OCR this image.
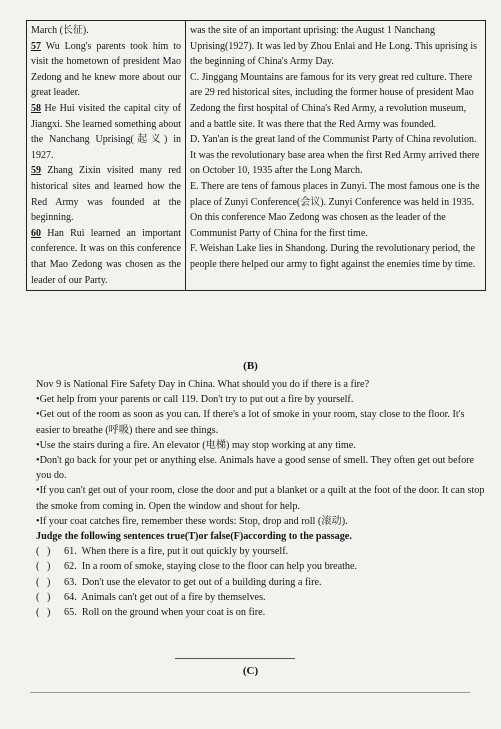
March (长征).

57 Wu Long's parents took him to visit the hometown of president Mao Zedong and he knew more about our great leader.

58 He Hui visited the capital city of Jiangxi. She learned something about the Nanchang Uprising(起义) in 1927.

59 Zhang Zixin visited many red historical sites and learned how the Red Army was founded at the beginning.

60 Han Rui learned an important conference. It was on this conference that Mao Zedong was chosen as the leader of our Party.

was the site of an important uprising: the August 1 Nanchang Uprising(1927). It was led by Zhou Enlai and He Long. This uprising is the beginning of China's Army Day.

C. Jinggang Mountains are famous for its very great red culture. There are 29 red historical sites, including the former house of president Mao Zedong the first hospital of China's Red Army, a revolution museum, and a battle site. It was there that the Red Army was founded.

D. Yan'an is the great land of the Communist Party of China revolution. It was the revolutionary base area when the first Red Army arrived there on October 10, 1935 after the Long March.

E. There are tens of famous places in Zunyi. The most famous one is the place of Zunyi Conference(会议). Zunyi Conference was held in 1935. On this conference Mao Zedong was chosen as the leader of the Communist Party of China for the first time.

F. Weishan Lake lies in Shandong. During the revolutionary period, the people there helped our army to fight against the enemies time by time.

(B)

Nov 9 is National Fire Safety Day in China. What should you do if there is a fire?

•Get help from your parents or call 119. Don't try to put out a fire by yourself.

•Get out of the room as soon as you can. If there's a lot of smoke in your room, stay close to the floor. It's easier to breathe (呼吸) there and see things.

•Use the stairs during a fire. An elevator (电梯) may stop working at any time.

•Don't go back for your pet or anything else. Animals have a good sense of smell. They often get out before you do.

•If you can't get out of your room, close the door and put a blanket or a quilt at the foot of the door. It can stop the smoke from coming in. Open the window and shout for help.

•If your coat catches fire, remember these words: Stop, drop and roll (滚动).

Judge the following sentences true(T)or false(F)according to the passage.

( ) 61. When there is a fire, put it out quickly by yourself.

( ) 62. In a room of smoke, staying close to the floor can help you breathe.

( ) 63. Don't use the elevator to get out of a building during a fire.

( ) 64. Animals can't get out of a fire by themselves.

( ) 65. Roll on the ground when your coat is on fire.

(C)
